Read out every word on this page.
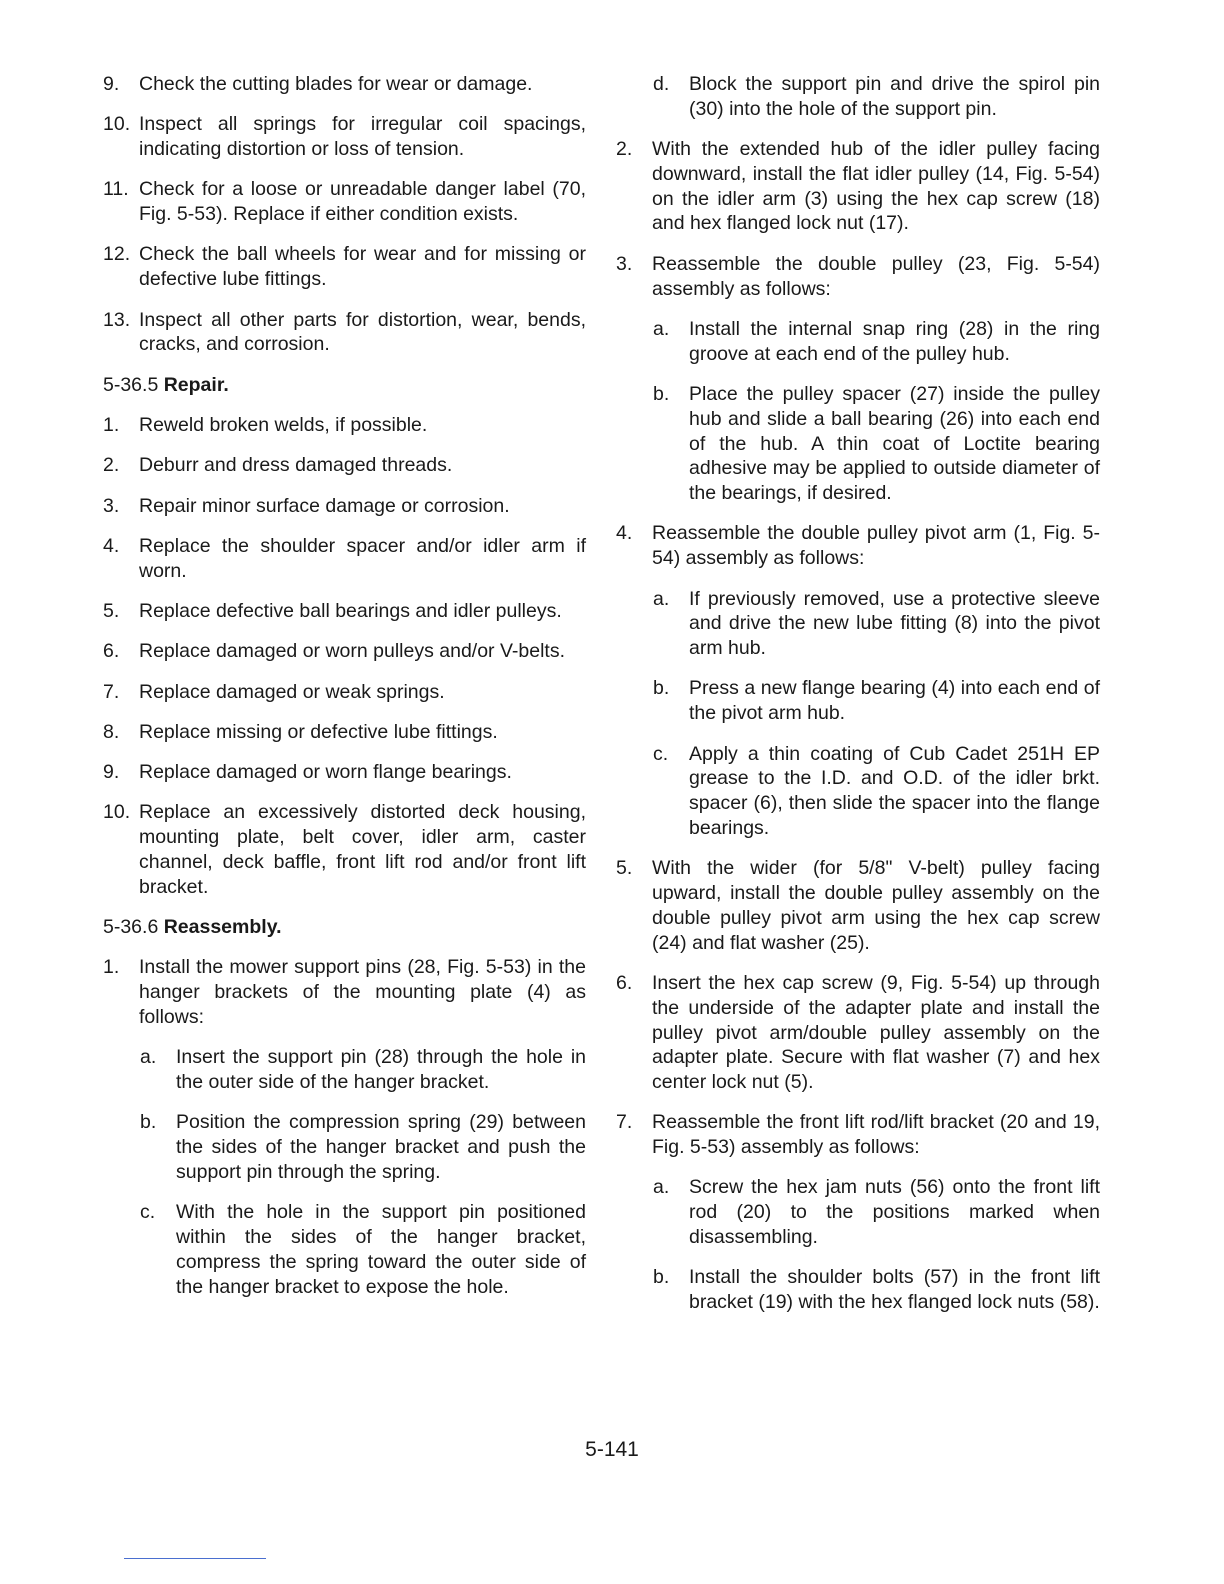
9.	Check the cutting blades for wear or damage.
10. Inspect all springs for irregular coil spacings, indicating distortion or loss of tension.
11. Check for a loose or unreadable danger label (70, Fig. 5-53). Replace if either condition exists.
12. Check the ball wheels for wear and for missing or defective lube fittings.
13. Inspect all other parts for distortion, wear, bends, cracks, and corrosion.
5-36.5 Repair.
1.	Reweld broken welds, if possible.
2.	Deburr and dress damaged threads.
3.	Repair minor surface damage or corrosion.
4.	Replace the shoulder spacer and/or idler arm if worn.
5.	Replace defective ball bearings and idler pulleys.
6.	Replace damaged or worn pulleys and/or V-belts.
7.	Replace damaged or weak springs.
8.	Replace missing or defective lube fittings.
9.	Replace damaged or worn flange bearings.
10. Replace an excessively distorted deck housing, mounting plate, belt cover, idler arm, caster channel, deck baffle, front lift rod and/or front lift bracket.
5-36.6 Reassembly.
1.	Install the mower support pins (28, Fig. 5-53) in the hanger brackets of the mounting plate (4) as follows:
a.	Insert the support pin (28) through the hole in the outer side of the hanger bracket.
b.	Position the compression spring (29) between the sides of the hanger bracket and push the support pin through the spring.
c.	With the hole in the support pin positioned within the sides of the hanger bracket, compress the spring toward the outer side of the hanger bracket to expose the hole.
d.	Block the support pin and drive the spirol pin (30) into the hole of the support pin.
2.	With the extended hub of the idler pulley facing downward, install the flat idler pulley (14, Fig. 5-54) on the idler arm (3) using the hex cap screw (18) and hex flanged lock nut (17).
3.	Reassemble the double pulley (23, Fig. 5-54) assembly as follows:
a.	Install the internal snap ring (28) in the ring groove at each end of the pulley hub.
b.	Place the pulley spacer (27) inside the pulley hub and slide a ball bearing (26) into each end of the hub. A thin coat of Loctite bearing adhesive may be applied to outside diameter of the bearings, if desired.
4.	Reassemble the double pulley pivot arm (1, Fig. 5-54) assembly as follows:
a.	If previously removed, use a protective sleeve and drive the new lube fitting (8) into the pivot arm hub.
b.	Press a new flange bearing (4) into each end of the pivot arm hub.
c.	Apply a thin coating of Cub Cadet 251H EP grease to the I.D. and O.D. of the idler brkt. spacer (6), then slide the spacer into the flange bearings.
5.	With the wider (for 5/8" V-belt) pulley facing upward, install the double pulley assembly on the double pulley pivot arm using the hex cap screw (24) and flat washer (25).
6.	Insert the hex cap screw (9, Fig. 5-54) up through the underside of the adapter plate and install the pulley pivot arm/double pulley assembly on the adapter plate. Secure with flat washer (7) and hex center lock nut (5).
7.	Reassemble the front lift rod/lift bracket (20 and 19, Fig. 5-53) assembly as follows:
a.	Screw the hex jam nuts (56) onto the front lift rod (20) to the positions marked when disassembling.
b.	Install the shoulder bolts (57) in the front lift bracket (19) with the hex flanged lock nuts (58).
5-141
